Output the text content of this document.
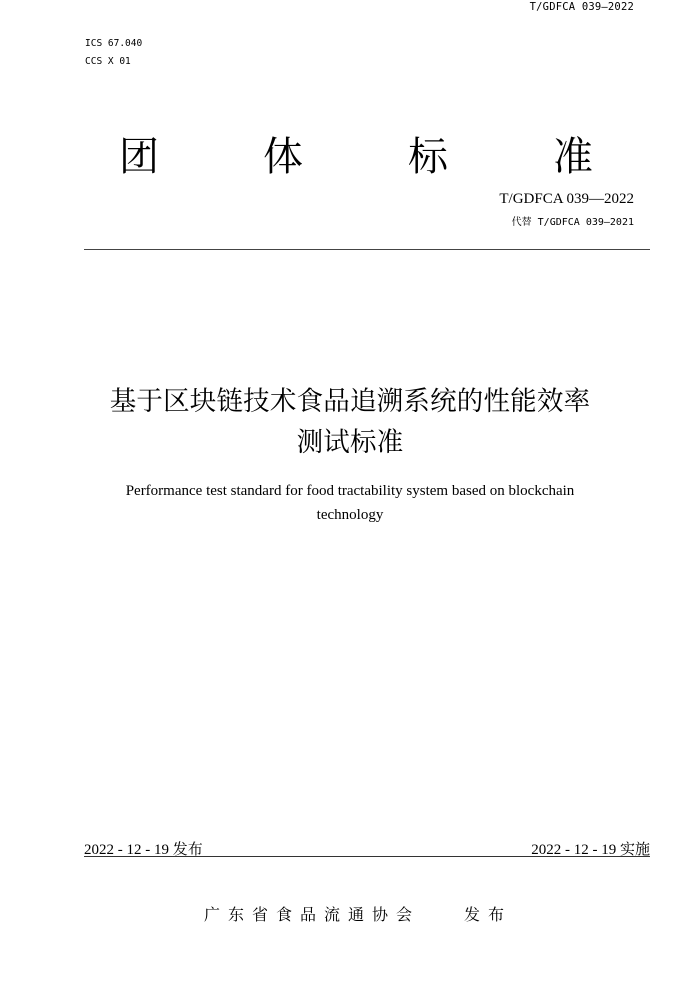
T/GDFCA 039—2022
ICS 67.040
CCS X 01
团	体	标	准
T/GDFCA 039—2022
代替 T/GDFCA 039—2021
基于区块链技术食品追溯系统的性能效率
测试标准
Performance test standard for food tractability system based on blockchain
technology
2022 - 12 - 19 发布	2022 - 12 - 19 实施
广东省食品流通协会	发布
